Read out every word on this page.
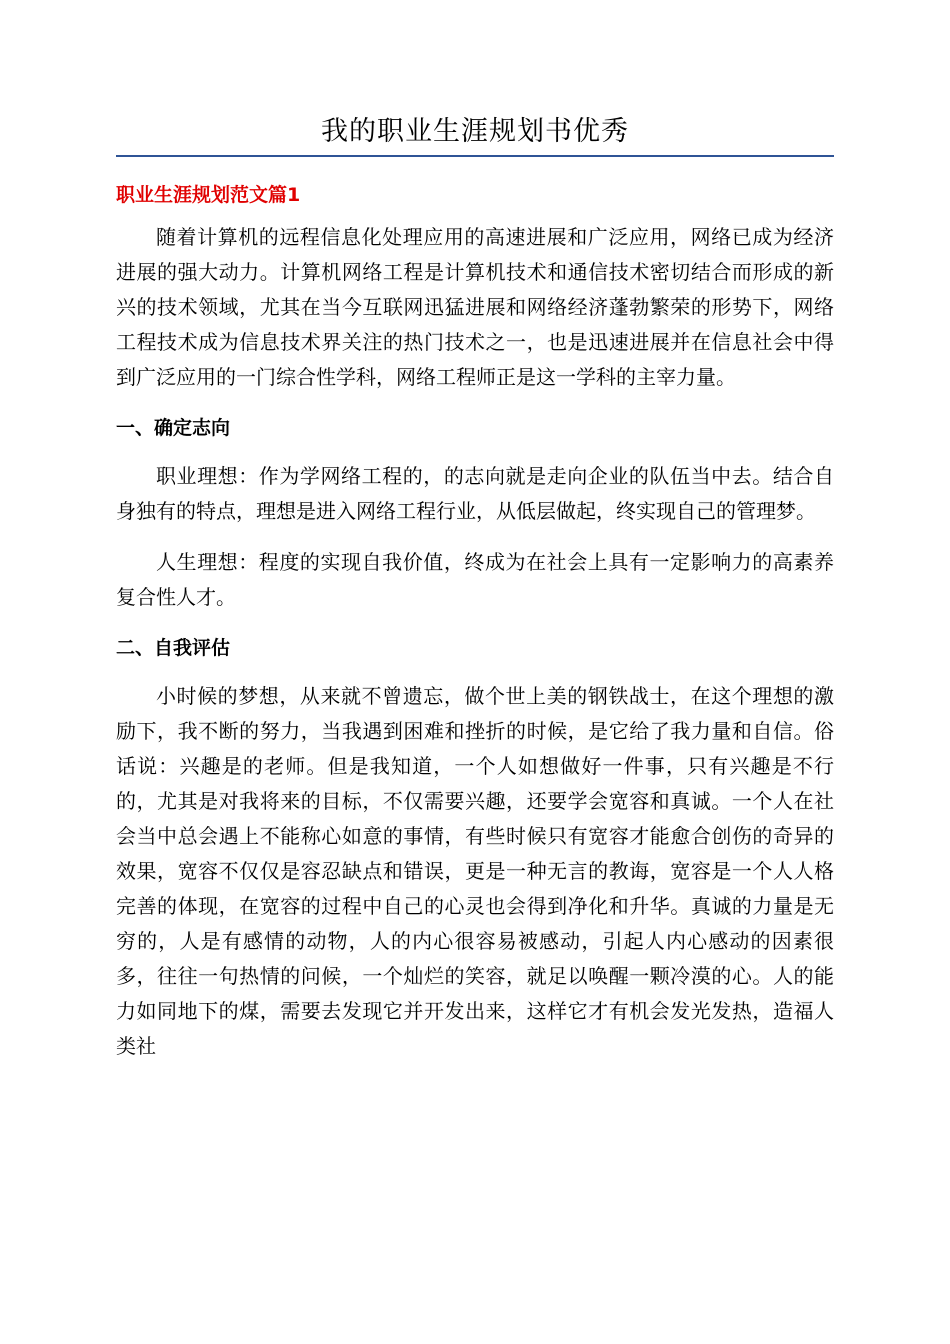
我的职业生涯规划书优秀
职业生涯规划范文篇1

随着计算机的远程信息化处理应用的高速进展和广泛应用，网络已成为经济进展的强大动力。计算机网络工程是计算机技术和通信技术密切结合而形成的新兴的技术领域，尤其在当今互联网迅猛进展和网络经济蓬勃繁荣的形势下，网络工程技术成为信息技术界关注的热门技术之一，也是迅速进展并在信息社会中得到广泛应用的一门综合性学科，网络工程师正是这一学科的主宰力量。

一、确定志向

职业理想：作为学网络工程的，的志向就是走向企业的队伍当中去。结合自身独有的特点，理想是进入网络工程行业，从低层做起，终实现自己的管理梦。

人生理想：程度的实现自我价值，终成为在社会上具有一定影响力的高素养复合性人才。

二、自我评估

小时候的梦想，从来就不曾遗忘，做个世上美的钢铁战士，在这个理想的激励下，我不断的努力，当我遇到困难和挫折的时候，是它给了我力量和自信。俗话说：兴趣是的老师。但是我知道，一个人如想做好一件事，只有兴趣是不行的，尤其是对我将来的目标，不仅需要兴趣，还要学会宽容和真诚。一个人在社会当中总会遇上不能称心如意的事情，有些时候只有宽容才能愈合创伤的奇异的效果，宽容不仅仅是容忍缺点和错误，更是一种无言的教诲，宽容是一个人人格完善的体现，在宽容的过程中自己的心灵也会得到净化和升华。真诚的力量是无穷的，人是有感情的动物，人的内心很容易被感动，引起人内心感动的因素很多，往往一句热情的问候，一个灿烂的笑容，就足以唤醒一颗冷漠的心。人的能力如同地下的煤，需要去发现它并开发出来，这样它才有机会发光发热，造福人类社
